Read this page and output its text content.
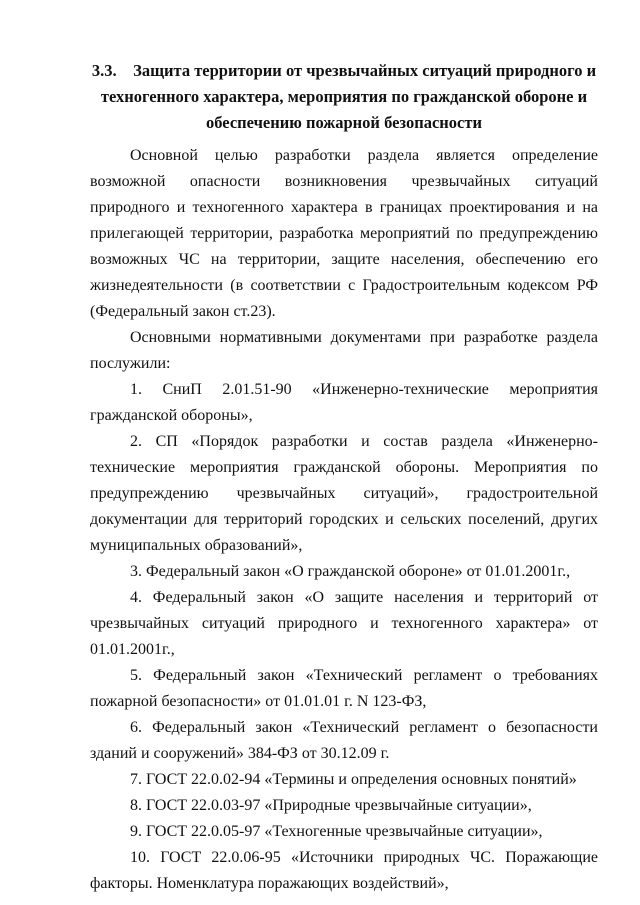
3.3. Защита территории от чрезвычайных ситуаций природного и
техногенного характера, мероприятия по гражданской обороне и
обеспечению пожарной безопасности

Основной целью разработки раздела является определение возможной опасности возникновения чрезвычайных ситуаций природного и техногенного характера в границах проектирования и на прилегающей территории, разработка мероприятий по предупреждению возможных ЧС на территории, защите населения, обеспечению его жизнедеятельности (в соответствии с Градостроительным кодексом РФ (Федеральный закон ст.23).

Основными нормативными документами при разработке раздела послужили:

1. СниП 2.01.51-90 «Инженерно-технические мероприятия гражданской обороны»,

2. СП «Порядок разработки и состав раздела «Инженерно-технические мероприятия гражданской обороны. Мероприятия по предупреждению чрезвычайных ситуаций», градостроительной документации для территорий городских и сельских поселений, других муниципальных образований»,

3. Федеральный закон «О гражданской обороне» от 01.01.2001г.,

4. Федеральный закон «О защите населения и территорий от чрезвычайных ситуаций природного и техногенного характера» от 01.01.2001г.,

5. Федеральный закон «Технический регламент о требованиях пожарной безопасности» от 01.01.01 г. N 123-ФЗ,

6. Федеральный закон «Технический регламент о безопасности зданий и сооружений» 384-ФЗ от 30.12.09 г.

7. ГОСТ 22.0.02-94 «Термины и определения основных понятий»

8. ГОСТ 22.0.03-97 «Природные чрезвычайные ситуации»,

9. ГОСТ 22.0.05-97 «Техногенные чрезвычайные ситуации»,

10. ГОСТ 22.0.06-95 «Источники природных ЧС. Поражающие факторы. Номенклатура поражающих воздействий»,
